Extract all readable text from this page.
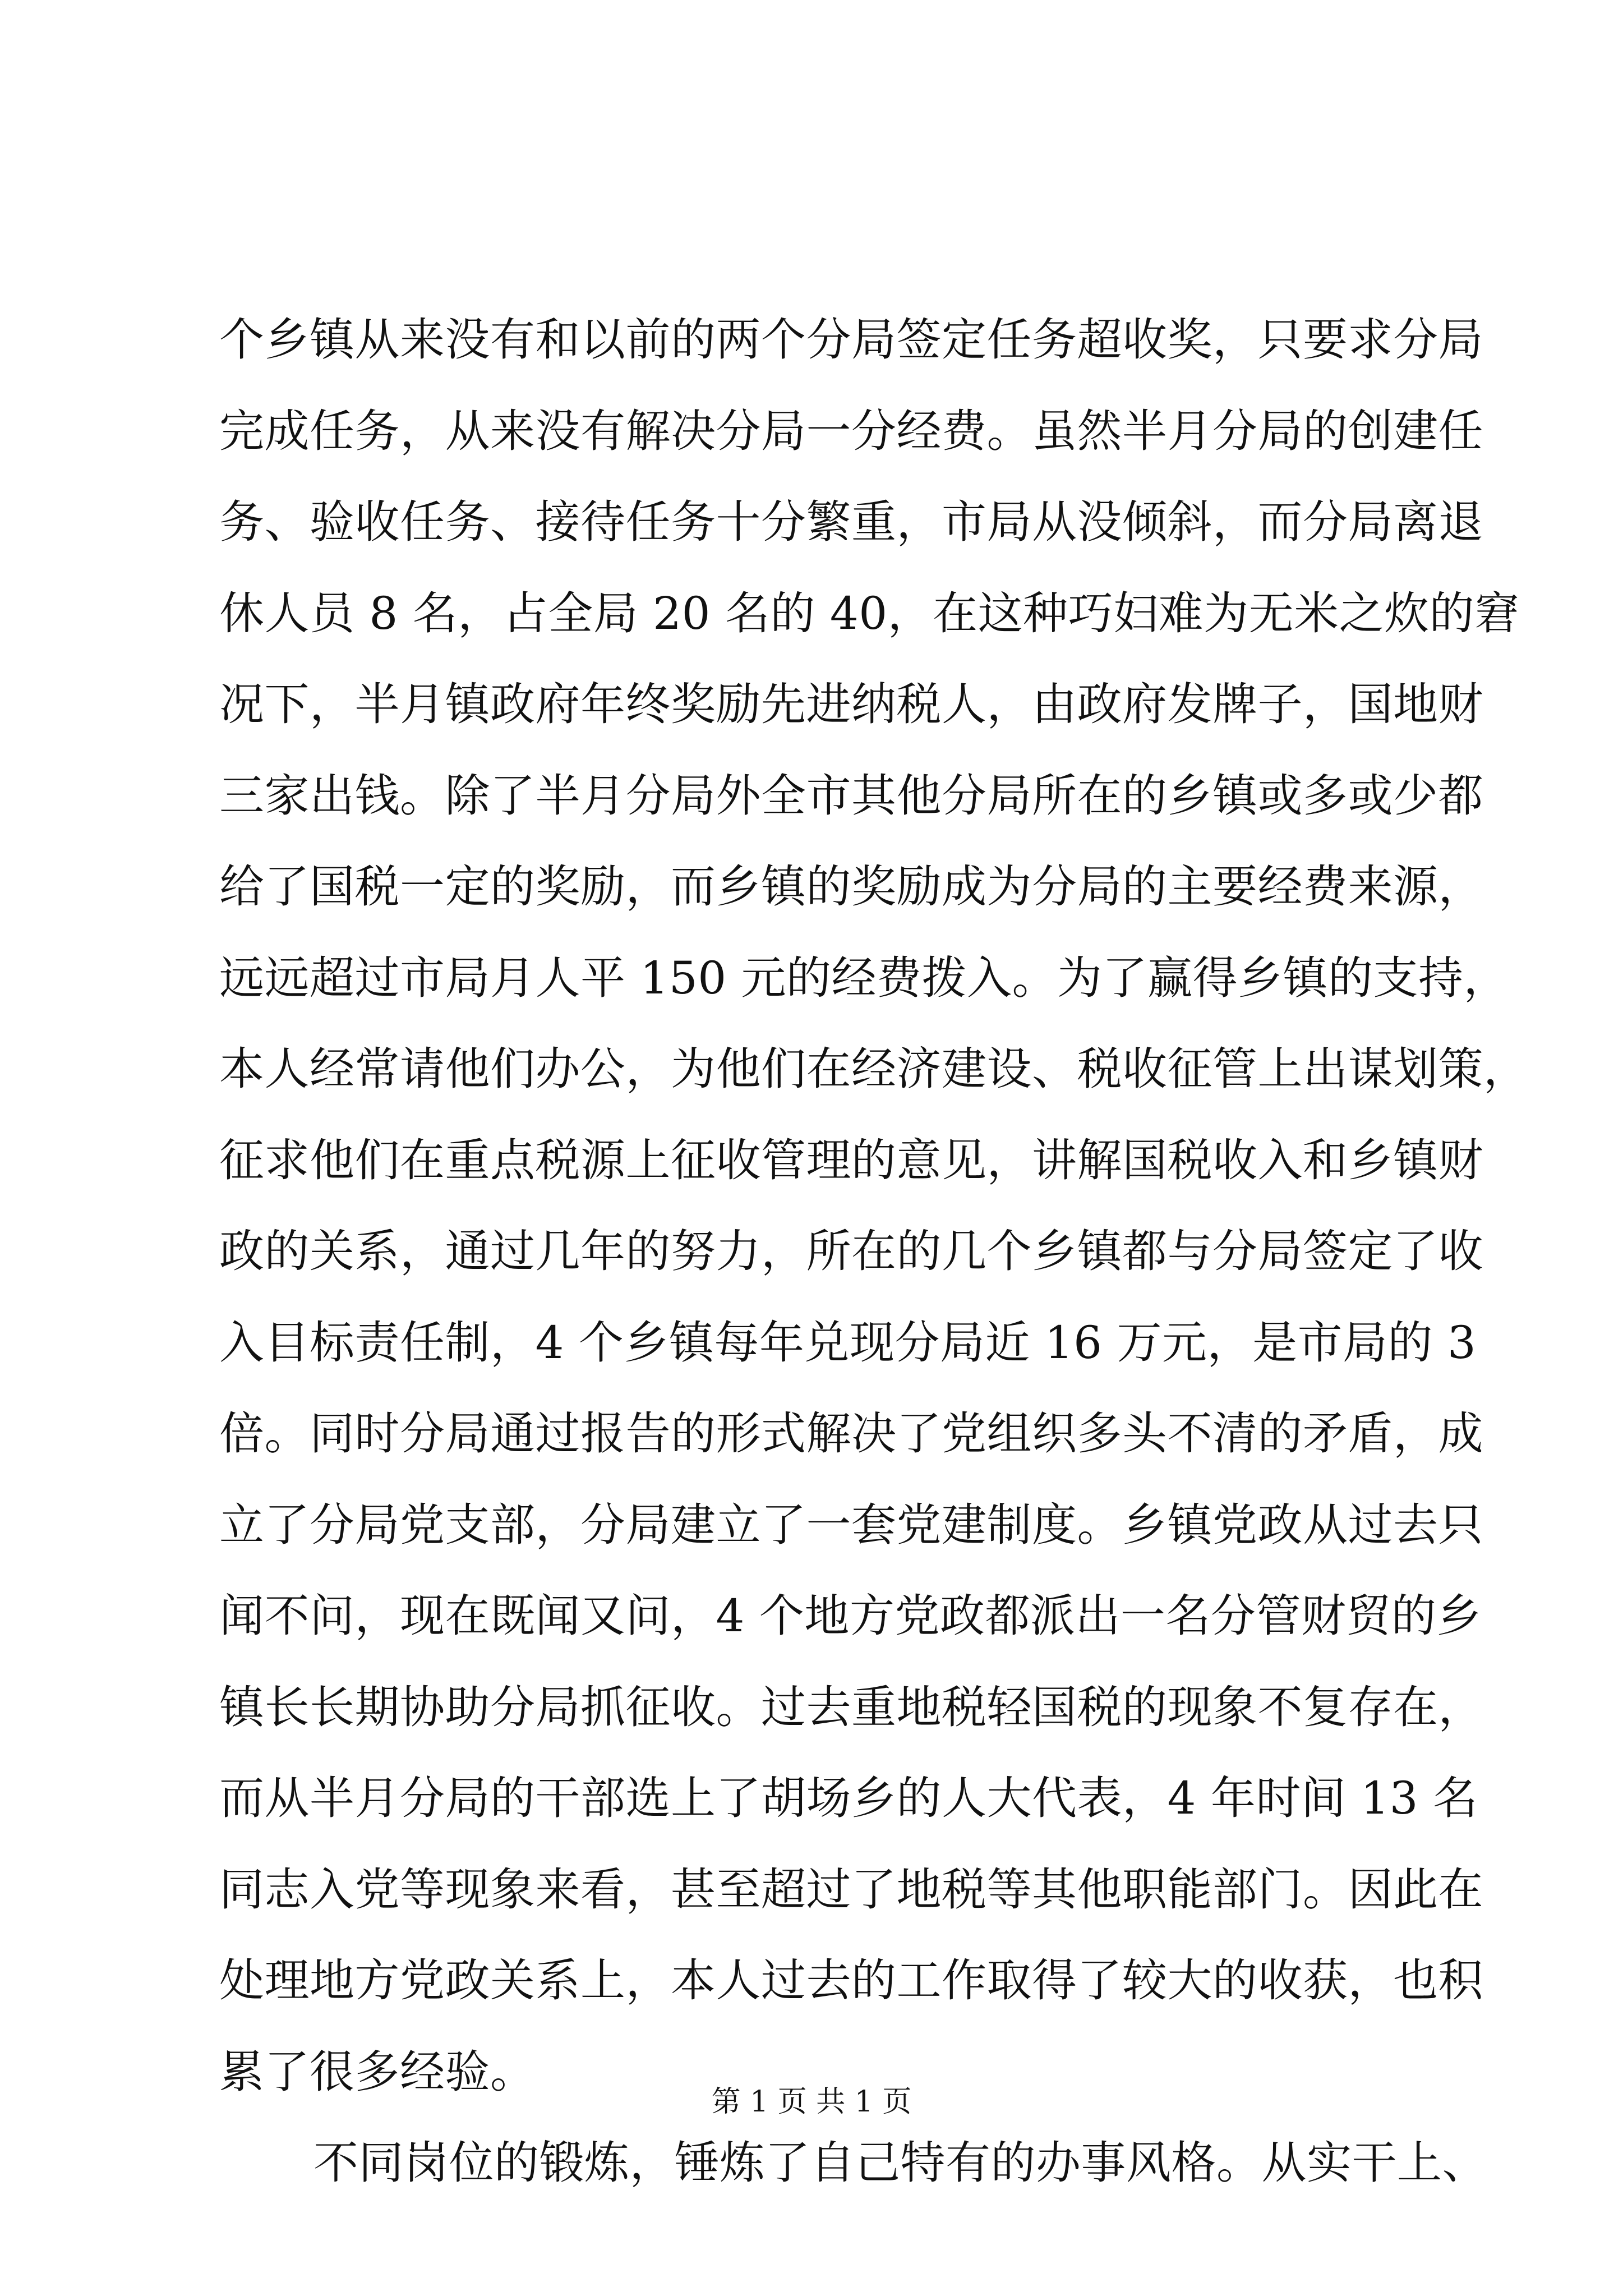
个乡镇从来没有和以前的两个分局签定任务超收奖，只要求分局
完成任务，从来没有解决分局一分经费。虽然半月分局的创建任
务、验收任务、接待任务十分繁重，市局从没倾斜，而分局离退
休人员 8 名，占全局 20 名的 40，在这种巧妇难为无米之炊的窘
况下，半月镇政府年终奖励先进纳税人，由政府发牌子，国地财
三家出钱。除了半月分局外全市其他分局所在的乡镇或多或少都
给了国税一定的奖励，而乡镇的奖励成为分局的主要经费来源，
远远超过市局月人平 150 元的经费拨入。为了赢得乡镇的支持，
本人经常请他们办公，为他们在经济建设、税收征管上出谋划策，
征求他们在重点税源上征收管理的意见，讲解国税收入和乡镇财
政的关系，通过几年的努力，所在的几个乡镇都与分局签定了收
入目标责任制，4 个乡镇每年兑现分局近 16 万元，是市局的 3
倍。同时分局通过报告的形式解决了党组织多头不清的矛盾，成
立了分局党支部，分局建立了一套党建制度。乡镇党政从过去只
闻不问，现在既闻又问，4 个地方党政都派出一名分管财贸的乡
镇长长期协助分局抓征收。过去重地税轻国税的现象不复存在，
而从半月分局的干部选上了胡场乡的人大代表，4 年时间 13 名
同志入党等现象来看，甚至超过了地税等其他职能部门。因此在
处理地方党政关系上，本人过去的工作取得了较大的收获，也积
累了很多经验。
不同岗位的锻炼，锤炼了自己特有的办事风格。从实干上、
第 1 页 共 1 页
